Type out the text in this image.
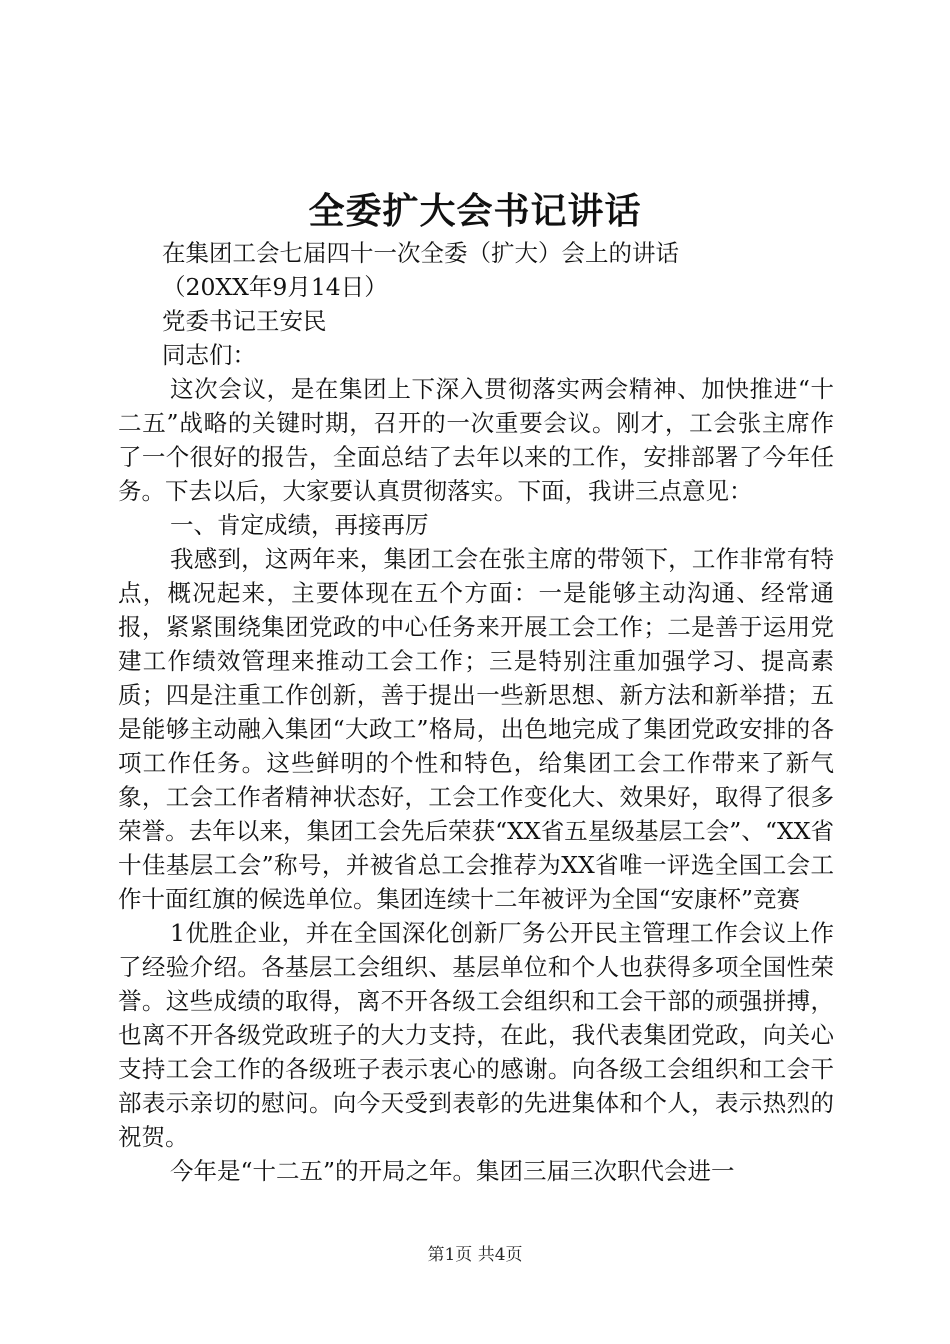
全委扩大会书记讲话

在集团工会七届四十一次全委（扩大）会上的讲话

（20XX年9月14日）

党委书记王安民

同志们：

这次会议，是在集团上下深入贯彻落实两会精神、加快推进“十二五”战略的关键时期，召开的一次重要会议。刚才，工会张主席作了一个很好的报告，全面总结了去年以来的工作，安排部署了今年任务。下去以后，大家要认真贯彻落实。下面，我讲三点意见：

一、肯定成绩，再接再厉

我感到，这两年来，集团工会在张主席的带领下，工作非常有特点，概况起来，主要体现在五个方面：一是能够主动沟通、经常通报，紧紧围绕集团党政的中心任务来开展工会工作；二是善于运用党建工作绩效管理来推动工会工作；三是特别注重加强学习、提高素质；四是注重工作创新，善于提出一些新思想、新方法和新举措；五是能够主动融入集团“大政工”格局，出色地完成了集团党政安排的各项工作任务。这些鲜明的个性和特色，给集团工会工作带来了新气象，工会工作者精神状态好，工会工作变化大、效果好，取得了很多荣誉。去年以来，集团工会先后荣获“XX省五星级基层工会”、“XX省十佳基层工会”称号，并被省总工会推荐为XX省唯一评选全国工会工作十面红旗的候选单位。集团连续十二年被评为全国“安康杯”竞赛

1优胜企业，并在全国深化创新厂务公开民主管理工作会议上作了经验介绍。各基层工会组织、基层单位和个人也获得多项全国性荣誉。这些成绩的取得，离不开各级工会组织和工会干部的顽强拼搏，也离不开各级党政班子的大力支持，在此，我代表集团党政，向关心支持工会工作的各级班子表示衷心的感谢。向各级工会组织和工会干部表示亲切的慰问。向今天受到表彰的先进集体和个人，表示热烈的祝贺。

今年是“十二五”的开局之年。集团三届三次职代会进一

第1页 共4页
